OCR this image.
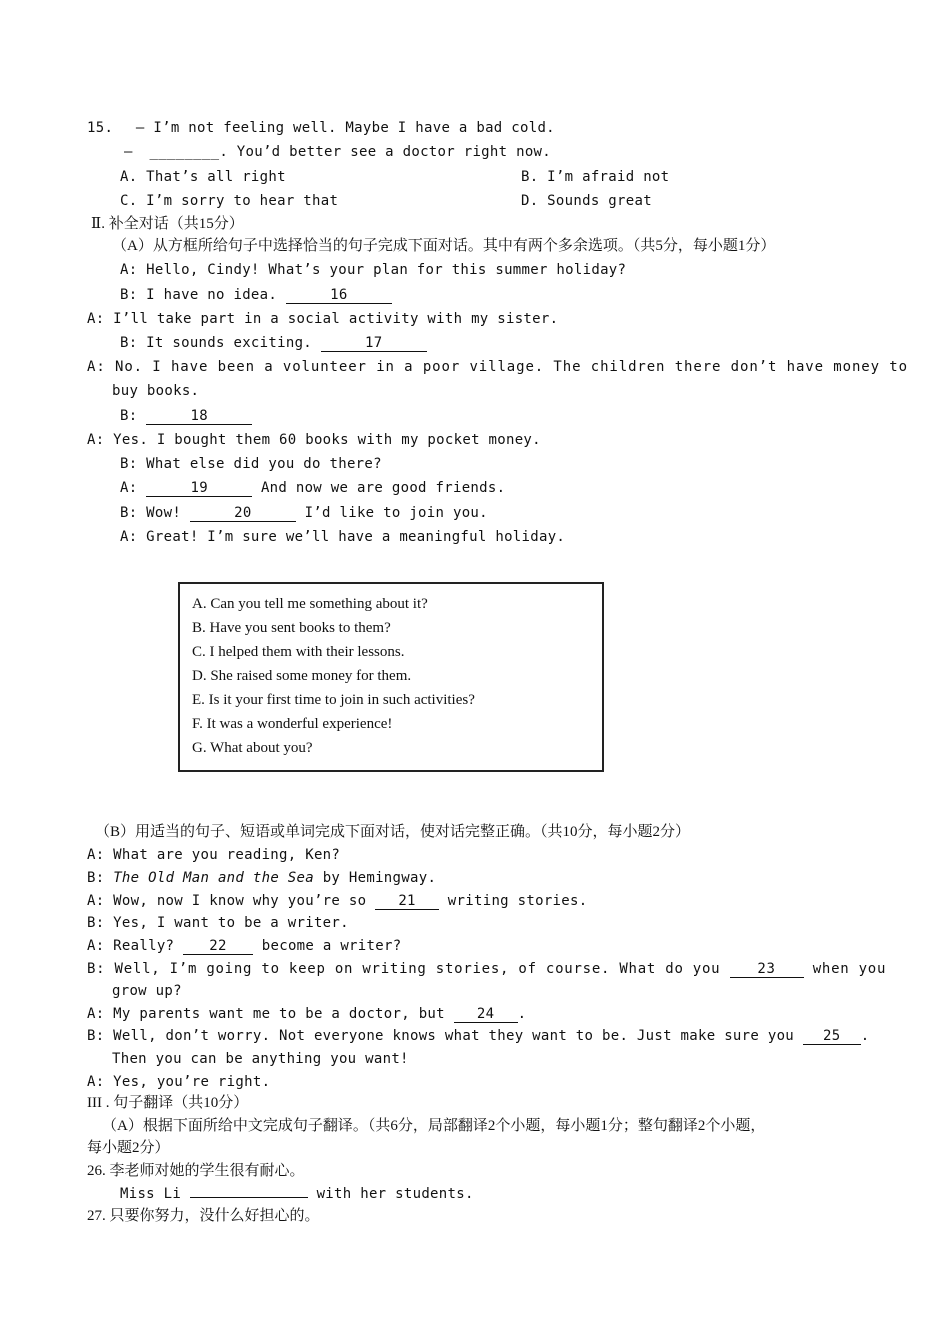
15. – I’m not feeling well. Maybe I have a bad cold.
– ________. You’d better see a doctor right now.
A. That’s all right	B. I’m afraid not
C. I’m sorry to hear that	D. Sounds great
Ⅱ. 补全对话（共15分）
（A）从方框所给句子中选择恰当的句子完成下面对话。其中有两个多余选项。（共5分，每小题1分）
A: Hello, Cindy! What’s your plan for this summer holiday?
B: I have no idea.	16
A: I’ll take part in a social activity with my sister.
B: It sounds exciting.	17
A: No. I have been a volunteer in a poor village. The children there don’t have money to
buy books.
B:	18
A: Yes. I bought them 60 books with my pocket money.
B: What else did you do there?
A:	19	And now we are good friends.
B: Wow!	20	I’d like to join you.
A: Great! I’m sure we’ll have a meaningful holiday.
A. Can you tell me something about it?
B. Have you sent books to them?
C. I helped them with their lessons.
D. She raised some money for them.
E. Is it your first time to join in such activities?
F. It was a wonderful experience!
G. What about you?
（B）用适当的句子、短语或单词完成下面对话，使对话完整正确。（共10分，每小题2分）
A: What are you reading, Ken?
B: The Old Man and the Sea by Hemingway.
A: Wow, now I know why you’re so 21 writing stories.
B: Yes, I want to be a writer.
A: Really?	22	become a writer?
B: Well, I’m going to keep on writing stories, of course. What do you	23	when you
grow up?
A: My parents want me to be a doctor, but 24 .
B: Well, don’t worry. Not everyone knows what they want to be. Just make sure you 25 .
Then you can be anything you want!
A: Yes, you’re right.
III . 句子翻译（共10分）
（A）根据下面所给中文完成句子翻译。（共6分，局部翻译2个小题，每小题1分；整句翻译2个小题，
每小题2分）
26. 李老师对她的学生很有耐心。
Miss Li	with her students.
27. 只要你努力，没什么好担心的。
